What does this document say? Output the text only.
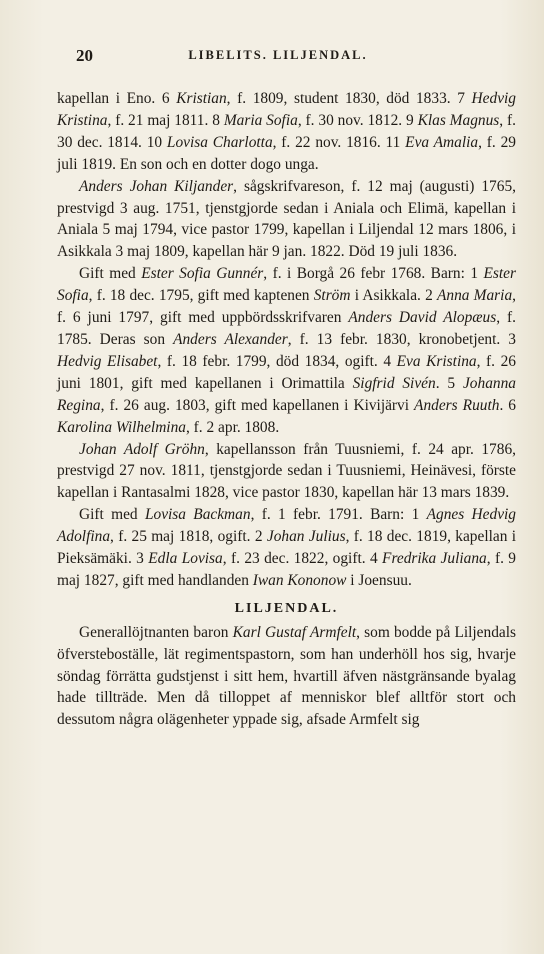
20	LIBELITS. LILJENDAL.

kapellan i Eno. 6 Kristian, f. 1809, student 1830, död 1833. 7 Hedvig Kristina, f. 21 maj 1811. 8 Maria Sofia, f. 30 nov. 1812. 9 Klas Magnus, f. 30 dec. 1814. 10 Lovisa Charlotta, f. 22 nov. 1816. 11 Eva Amalia, f. 29 juli 1819. En son och en dotter dogo unga.

Anders Johan Kiljander, sågskrifvareson, f. 12 maj (augusti) 1765, prestvigd 3 aug. 1751, tjenstgjorde sedan i Aniala och Elimä, kapellan i Aniala 5 maj 1794, vice pastor 1799, kapellan i Liljendal 12 mars 1806, i Asikkala 3 maj 1809, kapellan här 9 jan. 1822. Död 19 juli 1836.

Gift med Ester Sofia Gunnér, f. i Borgå 26 febr 1768. Barn: 1 Ester Sofia, f. 18 dec. 1795, gift med kaptenen Ström i Asikkala. 2 Anna Maria, f. 6 juni 1797, gift med uppbördsskrifvaren Anders David Alopæus, f. 1785. Deras son Anders Alexander, f. 13 febr. 1830, kronobetjent. 3 Hedvig Elisabet, f. 18 febr. 1799, död 1834, ogift. 4 Eva Kristina, f. 26 juni 1801, gift med kapellanen i Orimattila Sigfrid Sivén. 5 Johanna Regina, f. 26 aug. 1803, gift med kapellanen i Kivijärvi Anders Ruuth. 6 Karolina Wilhelmina, f. 2 apr. 1808.

Johan Adolf Gröhn, kapellansson från Tuusniemi, f. 24 apr. 1786, prestvigd 27 nov. 1811, tjenstgjorde sedan i Tuusniemi, Heinävesi, förste kapellan i Rantasalmi 1828, vice pastor 1830, kapellan här 13 mars 1839.

Gift med Lovisa Backman, f. 1 febr. 1791. Barn: 1 Agnes Hedvig Adolfina, f. 25 maj 1818, ogift. 2 Johan Julius, f. 18 dec. 1819, kapellan i Pieksämäki. 3 Edla Lovisa, f. 23 dec. 1822, ogift. 4 Fredrika Juliana, f. 9 maj 1827, gift med handlanden Iwan Kononow i Joensuu.

LILJENDAL.

Generallöjtnanten baron Karl Gustaf Armfelt, som bodde på Liljendals öfversteboställe, lät regimentspastorn, som han underhöll hos sig, hvarje söndag förrätta gudstjenst i sitt hem, hvartill äfven nästgränsande byalag hade tillträde. Men då tilloppet af menniskor blef alltför stort och dessutom några olägenheter yppade sig, afsade Armfelt sig
